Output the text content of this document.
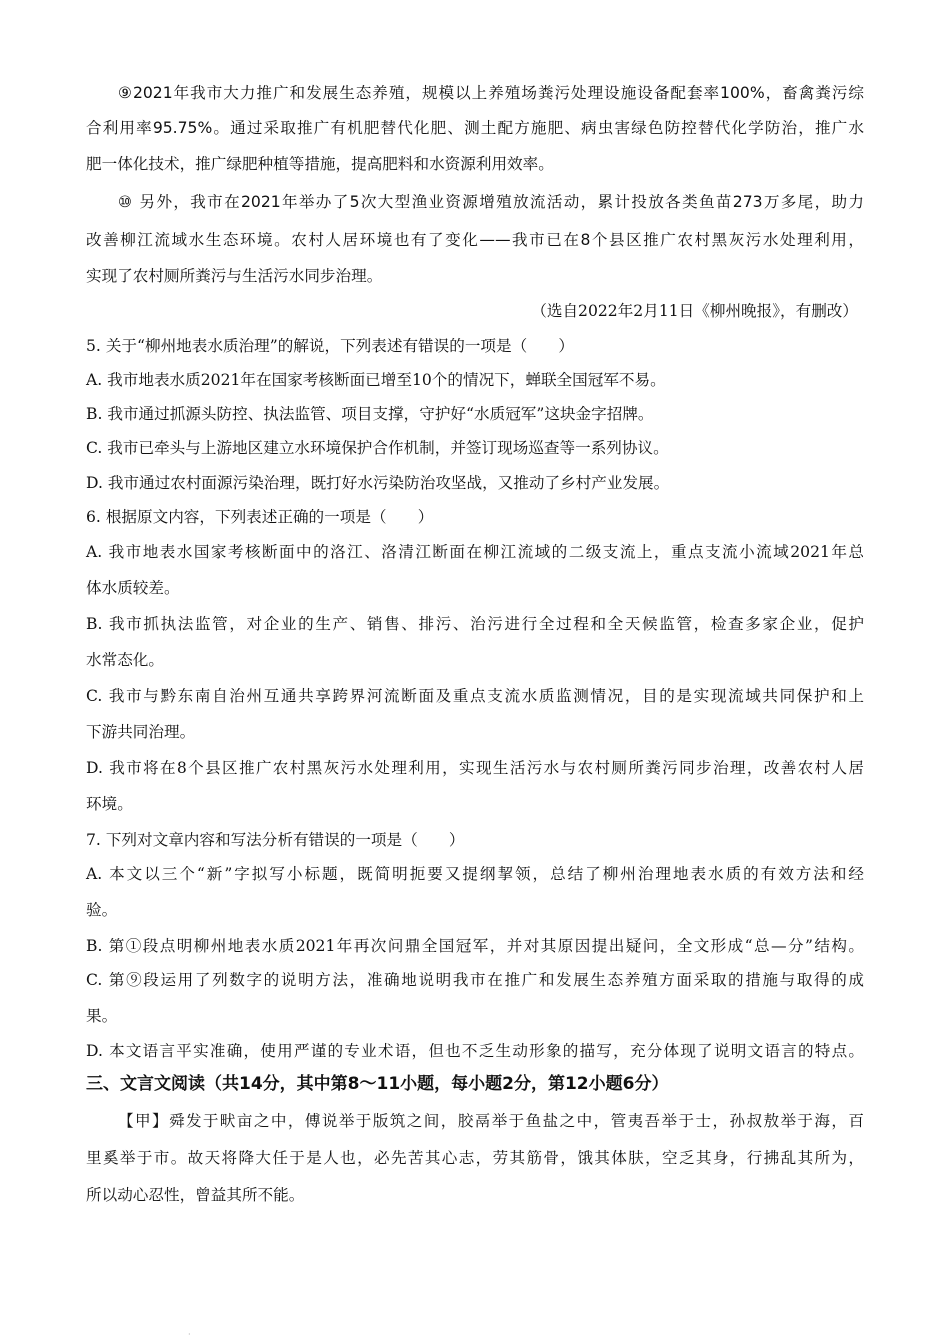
⑨2021年我市大力推广和发展生态养殖，规模以上养殖场粪污处理设施设备配套率100%，畜禽粪污综
合利用率95.75%。通过采取推广有机肥替代化肥、测土配方施肥、病虫害绿色防控替代化学防治，推广水
肥一体化技术，推广绿肥种植等措施，提高肥料和水资源利用效率。
⑩ 另外，我市在2021年举办了5次大型渔业资源增殖放流活动，累计投放各类鱼苗273万多尾，助力
改善柳江流域水生态环境。农村人居环境也有了变化——我市已在8个县区推广农村黑灰污水处理利用，
实现了农村厕所粪污与生活污水同步治理。
（选自2022年2月11日《柳州晚报》，有删改）
5. 关于“柳州地表水质治理”的解说，下列表述有错误的一项是（　　）
A. 我市地表水质2021年在国家考核断面已增至10个的情况下，蝉联全国冠军不易。
B. 我市通过抓源头防控、执法监管、项目支撑，守护好“水质冠军”这块金字招牌。
C. 我市已牵头与上游地区建立水环境保护合作机制，并签订现场巡查等一系列协议。
D. 我市通过农村面源污染治理，既打好水污染防治攻坚战，又推动了乡村产业发展。
6. 根据原文内容，下列表述正确的一项是（　　）
A. 我市地表水国家考核断面中的洛江、洛清江断面在柳江流域的二级支流上，重点支流小流域2021年总
体水质较差。
B. 我市抓执法监管，对企业的生产、销售、排污、治污进行全过程和全天候监管，检查多家企业，促护
水常态化。
C. 我市与黔东南自治州互通共享跨界河流断面及重点支流水质监测情况，目的是实现流域共同保护和上
下游共同治理。
D. 我市将在8个县区推广农村黑灰污水处理利用，实现生活污水与农村厕所粪污同步治理，改善农村人居
环境。
7. 下列对文章内容和写法分析有错误的一项是（　　）
A. 本文以三个“新”字拟写小标题，既简明扼要又提纲挈领，总结了柳州治理地表水质的有效方法和经
验。
B. 第①段点明柳州地表水质2021年再次问鼎全国冠军，并对其原因提出疑问，全文形成“总—分”结构。
C. 第⑨段运用了列数字的说明方法，准确地说明我市在推广和发展生态养殖方面采取的措施与取得的成
果。
D. 本文语言平实准确，使用严谨的专业术语，但也不乏生动形象的描写，充分体现了说明文语言的特点。
三、文言文阅读（共14分，其中第8～11小题，每小题2分，第12小题6分）
【甲】舜发于畎亩之中，傅说举于版筑之间，胶鬲举于鱼盐之中，管夷吾举于士，孙叔敖举于海，百
里奚举于市。故天将降大任于是人也，必先苦其心志，劳其筋骨，饿其体肤，空乏其身，行拂乱其所为，
所以动心忍性，曾益其所不能。
·
